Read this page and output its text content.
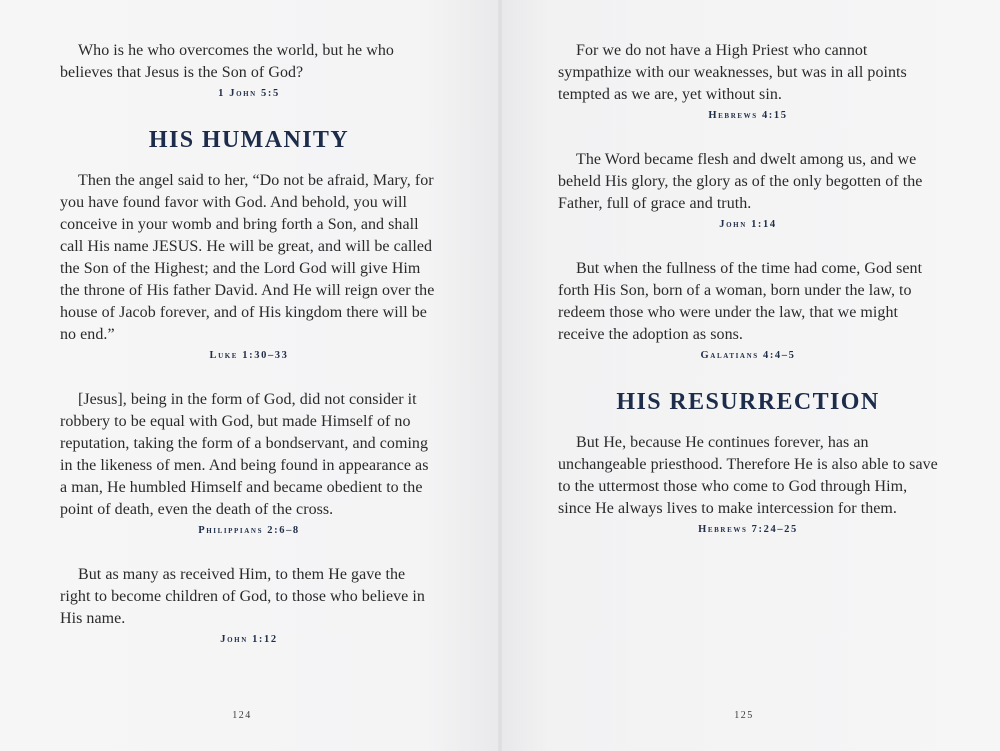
Who is he who overcomes the world, but he who believes that Jesus is the Son of God?

1 John 5:5
HIS HUMANITY

Then the angel said to her, “Do not be afraid, Mary, for you have found favor with God. And behold, you will conceive in your womb and bring forth a Son, and shall call His name JESUS. He will be great, and will be called the Son of the Highest; and the Lord God will give Him the throne of His father David. And He will reign over the house of Jacob forever, and of His kingdom there will be no end.”

Luke 1:30–33

[Jesus], being in the form of God, did not consider it robbery to be equal with God, but made Himself of no reputation, taking the form of a bondservant, and coming in the likeness of men. And being found in appearance as a man, He humbled Himself and became obedient to the point of death, even the death of the cross.

Philippians 2:6–8

But as many as received Him, to them He gave the right to become children of God, to those who believe in His name.

John 1:12
124

For we do not have a High Priest who cannot sympathize with our weaknesses, but was in all points tempted as we are, yet without sin.

Hebrews 4:15

The Word became flesh and dwelt among us, and we beheld His glory, the glory as of the only begotten of the Father, full of grace and truth.

John 1:14

But when the fullness of the time had come, God sent forth His Son, born of a woman, born under the law, to redeem those who were under the law, that we might receive the adoption as sons.

Galatians 4:4–5
HIS RESURRECTION

But He, because He continues forever, has an unchangeable priesthood. Therefore He is also able to save to the uttermost those who come to God through Him, since He always lives to make intercession for them.

Hebrews 7:24–25
125
